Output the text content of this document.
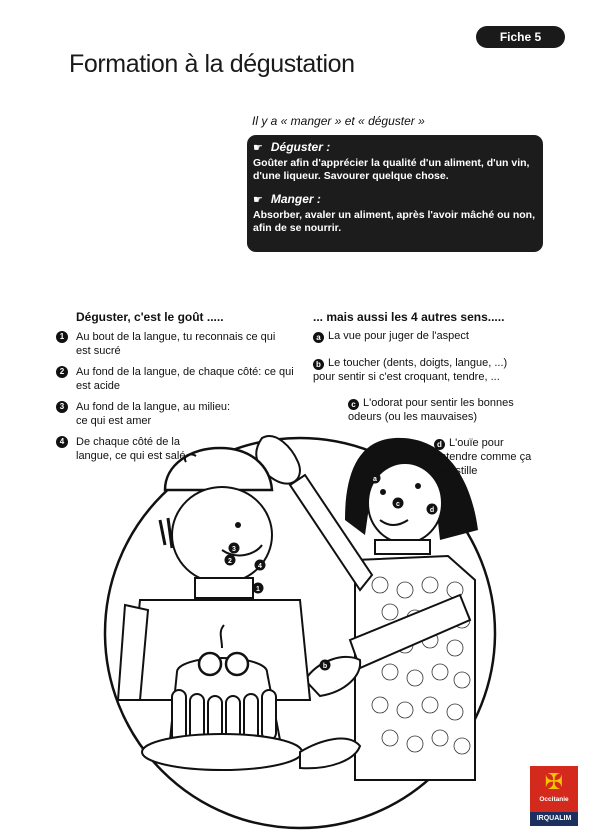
Fiche 5
Formation à la dégustation
Il y a « manger » et « déguster »
☛ Déguster :
Goûter afin d'apprécier la qualité d'un aliment, d'un vin, d'une liqueur. Savourer quelque chose.
☛ Manger :
Absorber, avaler un aliment, après l'avoir mâché ou non, afin de se nourrir.
1
2
3
4
a
b
c
d
Déguster, c'est le goût .....
1	Au bout de la langue, tu reconnais ce qui est sucré
2	Au fond de la langue, de chaque côté: ce qui est acide
3	Au fond de la langue, au milieu: ce qui est amer
4	De chaque côté de la langue, ce qui est salé
... mais aussi les 4 autres sens.....
a La vue pour juger de l'aspect
b Le toucher (dents, doigts, langue, ...) pour sentir si c'est croquant, tendre, ...
c L'odorat pour sentir les bonnes odeurs (ou les mauvaises)
d L'ouïe pour entendre comme ça croustille
✠
Occitanie
IRQUALIM
